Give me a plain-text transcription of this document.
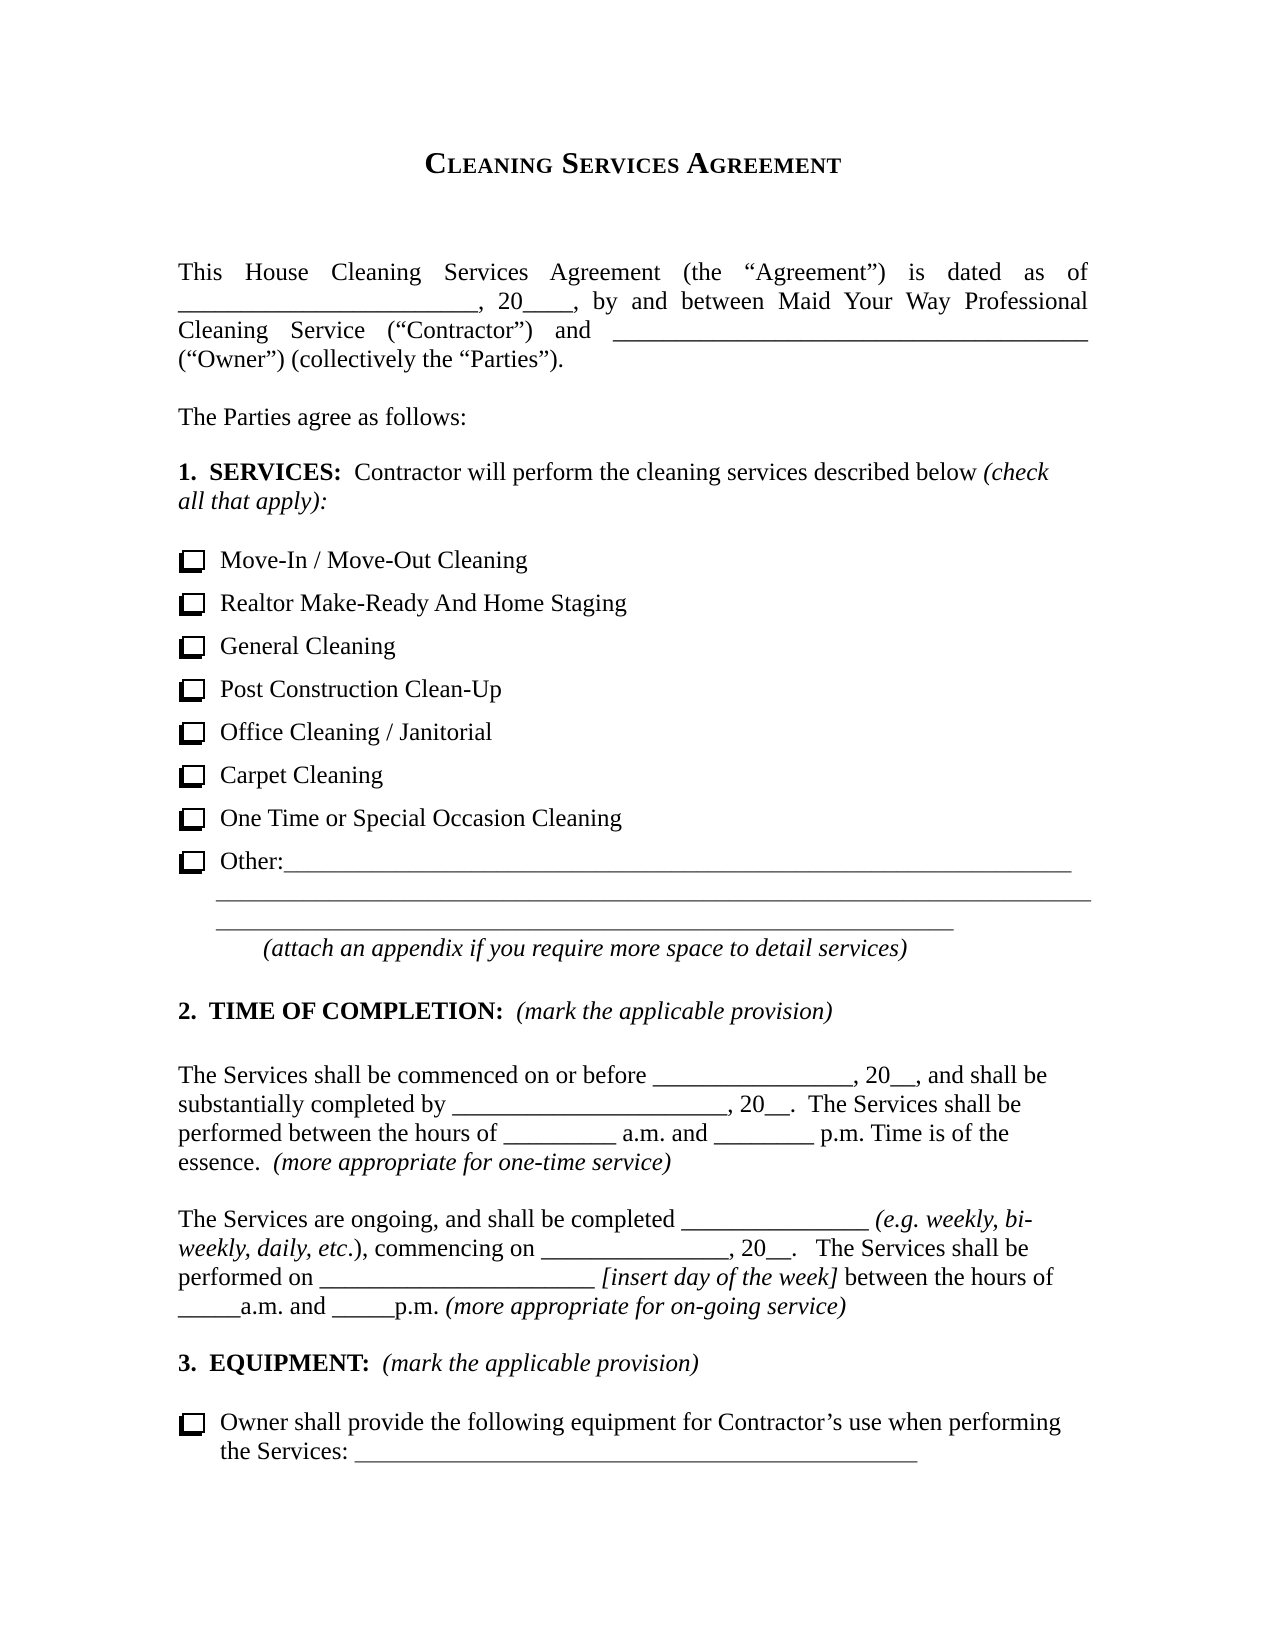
Cleaning Services Agreement
This House Cleaning Services Agreement (the “Agreement”) is dated as of
________________________, 20____, by and between Maid Your Way Professional
Cleaning Service (“Contractor”) and ______________________________________
(“Owner”) (collectively the “Parties”).
The Parties agree as follows:
1.  SERVICES:  Contractor will perform the cleaning services described below (check
all that apply):
Move-In / Move-Out Cleaning
Realtor Make-Ready And Home Staging
General Cleaning
Post Construction Clean-Up
Office Cleaning / Janitorial
Carpet Cleaning
One Time or Special Occasion Cleaning
Other: _______________________________________________________________
______________________________________________________________________
___________________________________________________________
(attach an appendix if you require more space to detail services)
2.  TIME OF COMPLETION:  (mark the applicable provision)
The Services shall be commenced on or before ________________, 20__, and shall be
substantially completed by ______________________, 20__.  The Services shall be
performed between the hours of _________ a.m. and ________ p.m. Time is of the
essence.  (more appropriate for one-time service)
The Services are ongoing, and shall be completed _______________ (e.g. weekly, bi-
weekly, daily, etc.), commencing on _______________, 20__.   The Services shall be
performed on ______________________ [insert day of the week] between the hours of
_____a.m. and _____p.m. (more appropriate for on-going service)
3.  EQUIPMENT:  (mark the applicable provision)
Owner shall provide the following equipment for Contractor’s use when performing
the Services: _____________________________________________
